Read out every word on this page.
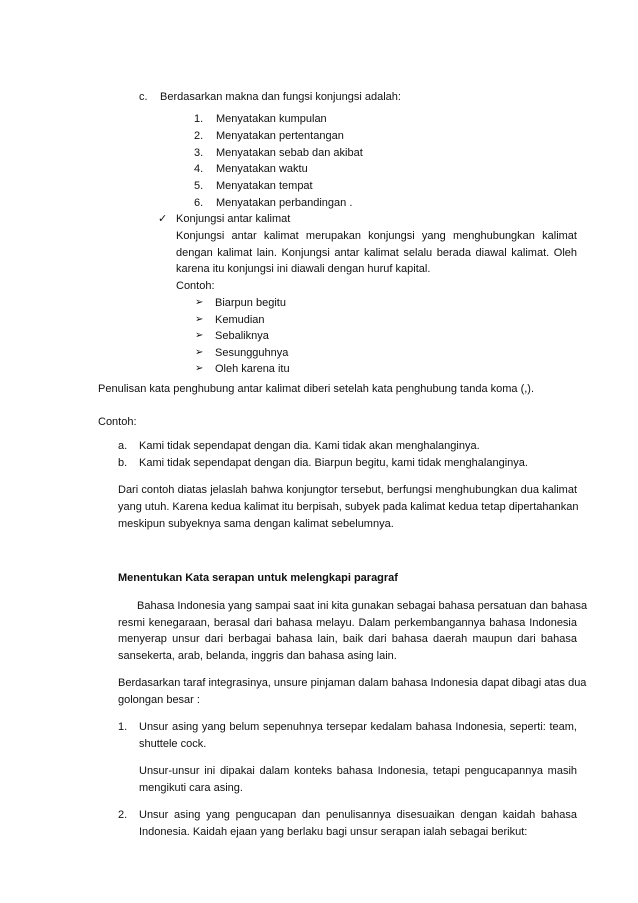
c. Berdasarkan makna dan fungsi konjungsi adalah:
1. Menyatakan kumpulan
2. Menyatakan pertentangan
3. Menyatakan sebab dan akibat
4. Menyatakan waktu
5. Menyatakan tempat
6. Menyatakan perbandingan .
✓ Konjungsi antar kalimat
Konjungsi antar kalimat merupakan konjungsi yang menghubungkan kalimat
dengan kalimat lain. Konjungsi antar kalimat selalu berada diawal kalimat. Oleh
karena itu konjungsi ini diawali dengan huruf kapital.
Contoh:
➢ Biarpun begitu
➢ Kemudian
➢ Sebaliknya
➢ Sesungguhnya
➢ Oleh karena itu
Penulisan kata penghubung antar kalimat diberi setelah kata penghubung tanda koma (,).
Contoh:
a. Kami tidak sependapat dengan dia. Kami tidak akan menghalanginya.
b. Kami tidak sependapat dengan dia. Biarpun begitu, kami tidak menghalanginya.
Dari contoh diatas jelaslah bahwa konjungtor tersebut, berfungsi menghubungkan dua kalimat
yang utuh. Karena kedua kalimat itu berpisah, subyek pada kalimat kedua tetap dipertahankan
meskipun subyeknya sama dengan kalimat sebelumnya.
Menentukan Kata serapan untuk melengkapi paragraf
Bahasa Indonesia yang sampai saat ini kita gunakan sebagai bahasa persatuan dan bahasa
resmi kenegaraan, berasal dari bahasa melayu. Dalam perkembangannya bahasa Indonesia
menyerap unsur dari berbagai bahasa lain, baik dari bahasa daerah maupun dari bahasa
sansekerta, arab, belanda, inggris dan bahasa asing lain.
Berdasarkan taraf integrasinya, unsure pinjaman dalam bahasa Indonesia dapat dibagi atas dua
golongan besar :
1. Unsur asing yang belum sepenuhnya tersepar kedalam bahasa Indonesia, seperti: team,
shuttele cock.
Unsur-unsur ini dipakai dalam konteks bahasa Indonesia, tetapi pengucapannya masih
mengikuti cara asing.
2. Unsur asing yang pengucapan dan penulisannya disesuaikan dengan kaidah bahasa
Indonesia. Kaidah ejaan yang berlaku bagi unsur serapan ialah sebagai berikut:
